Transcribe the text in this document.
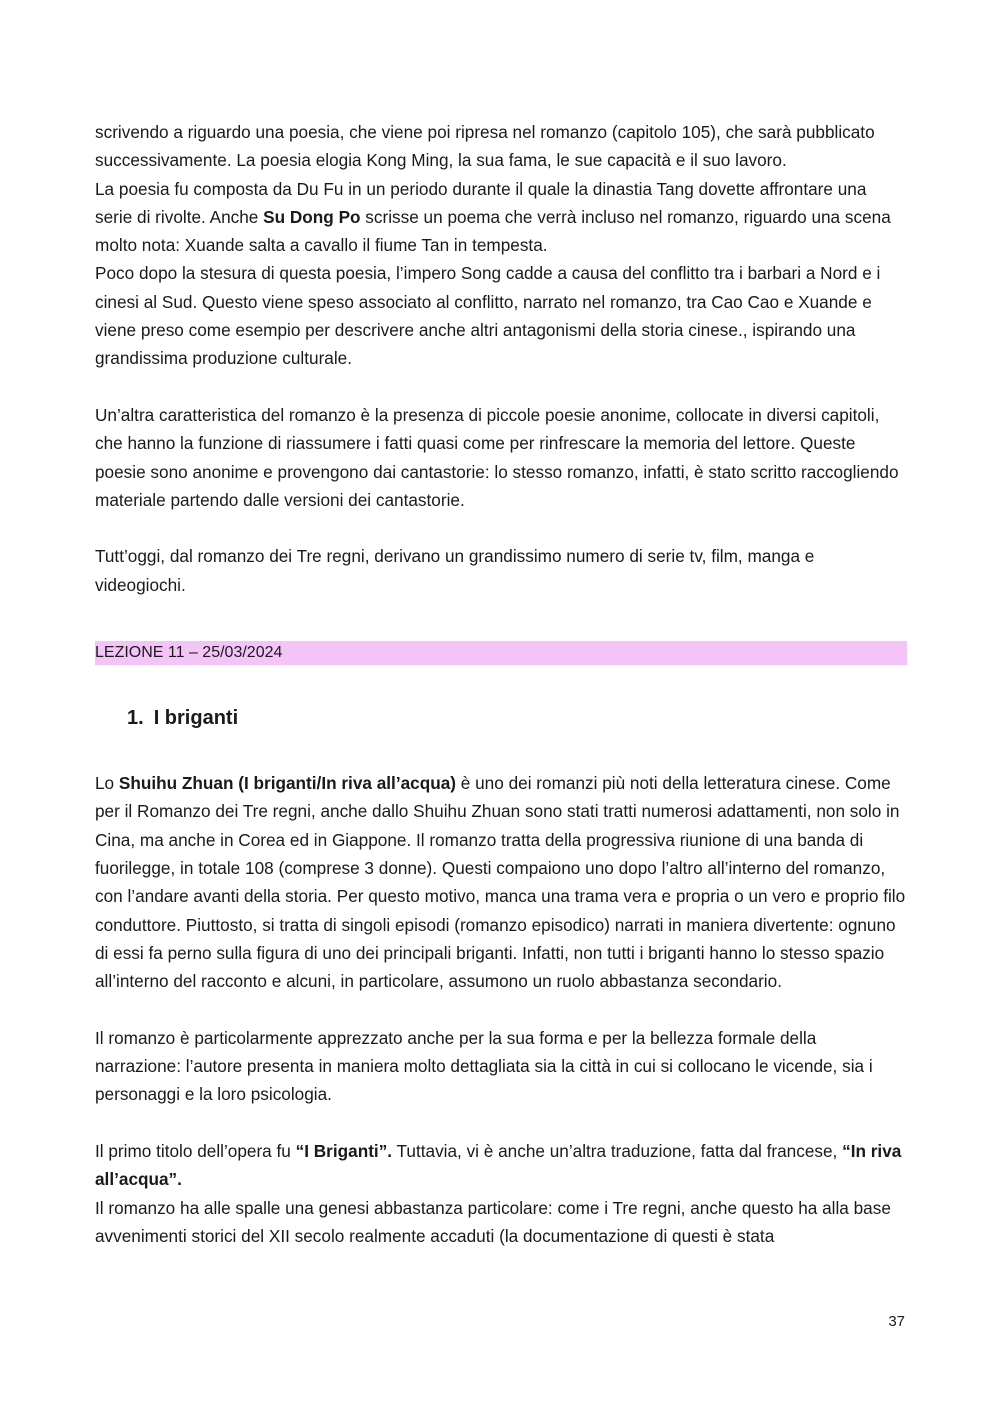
scrivendo a riguardo una poesia, che viene poi ripresa nel romanzo (capitolo 105), che sarà pubblicato successivamente. La poesia elogia Kong Ming, la sua fama, le sue capacità e il suo lavoro.

La poesia fu composta da Du Fu in un periodo durante il quale la dinastia Tang dovette affrontare una serie di rivolte. Anche Su Dong Po scrisse un poema che verrà incluso nel romanzo, riguardo una scena molto nota: Xuande salta a cavallo il fiume Tan in tempesta.

Poco dopo la stesura di questa poesia, l’impero Song cadde a causa del conflitto tra i barbari a Nord e i cinesi al Sud. Questo viene speso associato al conflitto, narrato nel romanzo, tra Cao Cao e Xuande e viene preso come esempio per descrivere anche altri antagonismi della storia cinese., ispirando una grandissima produzione culturale.

Un’altra caratteristica del romanzo è la presenza di piccole poesie anonime, collocate in diversi capitoli, che hanno la funzione di riassumere i fatti quasi come per rinfrescare la memoria del lettore. Queste poesie sono anonime e provengono dai cantastorie: lo stesso romanzo, infatti, è stato scritto raccogliendo materiale partendo dalle versioni dei cantastorie.

Tutt’oggi, dal romanzo dei Tre regni, derivano un grandissimo numero di serie tv, film, manga e videogiochi.

LEZIONE 11 – 25/03/2024
1. I briganti

Lo Shuihu Zhuan (I briganti/In riva all’acqua) è uno dei romanzi più noti della letteratura cinese. Come per il Romanzo dei Tre regni, anche dallo Shuihu Zhuan sono stati tratti numerosi adattamenti, non solo in Cina, ma anche in Corea ed in Giappone. Il romanzo tratta della progressiva riunione di una banda di fuorilegge, in totale 108 (comprese 3 donne). Questi compaiono uno dopo l’altro all’interno del romanzo, con l’andare avanti della storia. Per questo motivo, manca una trama vera e propria o un vero e proprio filo conduttore. Piuttosto, si tratta di singoli episodi (romanzo episodico) narrati in maniera divertente: ognuno di essi fa perno sulla figura di uno dei principali briganti. Infatti, non tutti i briganti hanno lo stesso spazio all’interno del racconto e alcuni, in particolare, assumono un ruolo abbastanza secondario.

Il romanzo è particolarmente apprezzato anche per la sua forma e per la bellezza formale della narrazione: l’autore presenta in maniera molto dettagliata sia la città in cui si collocano le vicende, sia i personaggi e la loro psicologia.

Il primo titolo dell’opera fu “I Briganti”. Tuttavia, vi è anche un’altra traduzione, fatta dal francese, “In riva all’acqua”.

Il romanzo ha alle spalle una genesi abbastanza particolare: come i Tre regni, anche questo ha alla base avvenimenti storici del XII secolo realmente accaduti (la documentazione di questi è stata

37
